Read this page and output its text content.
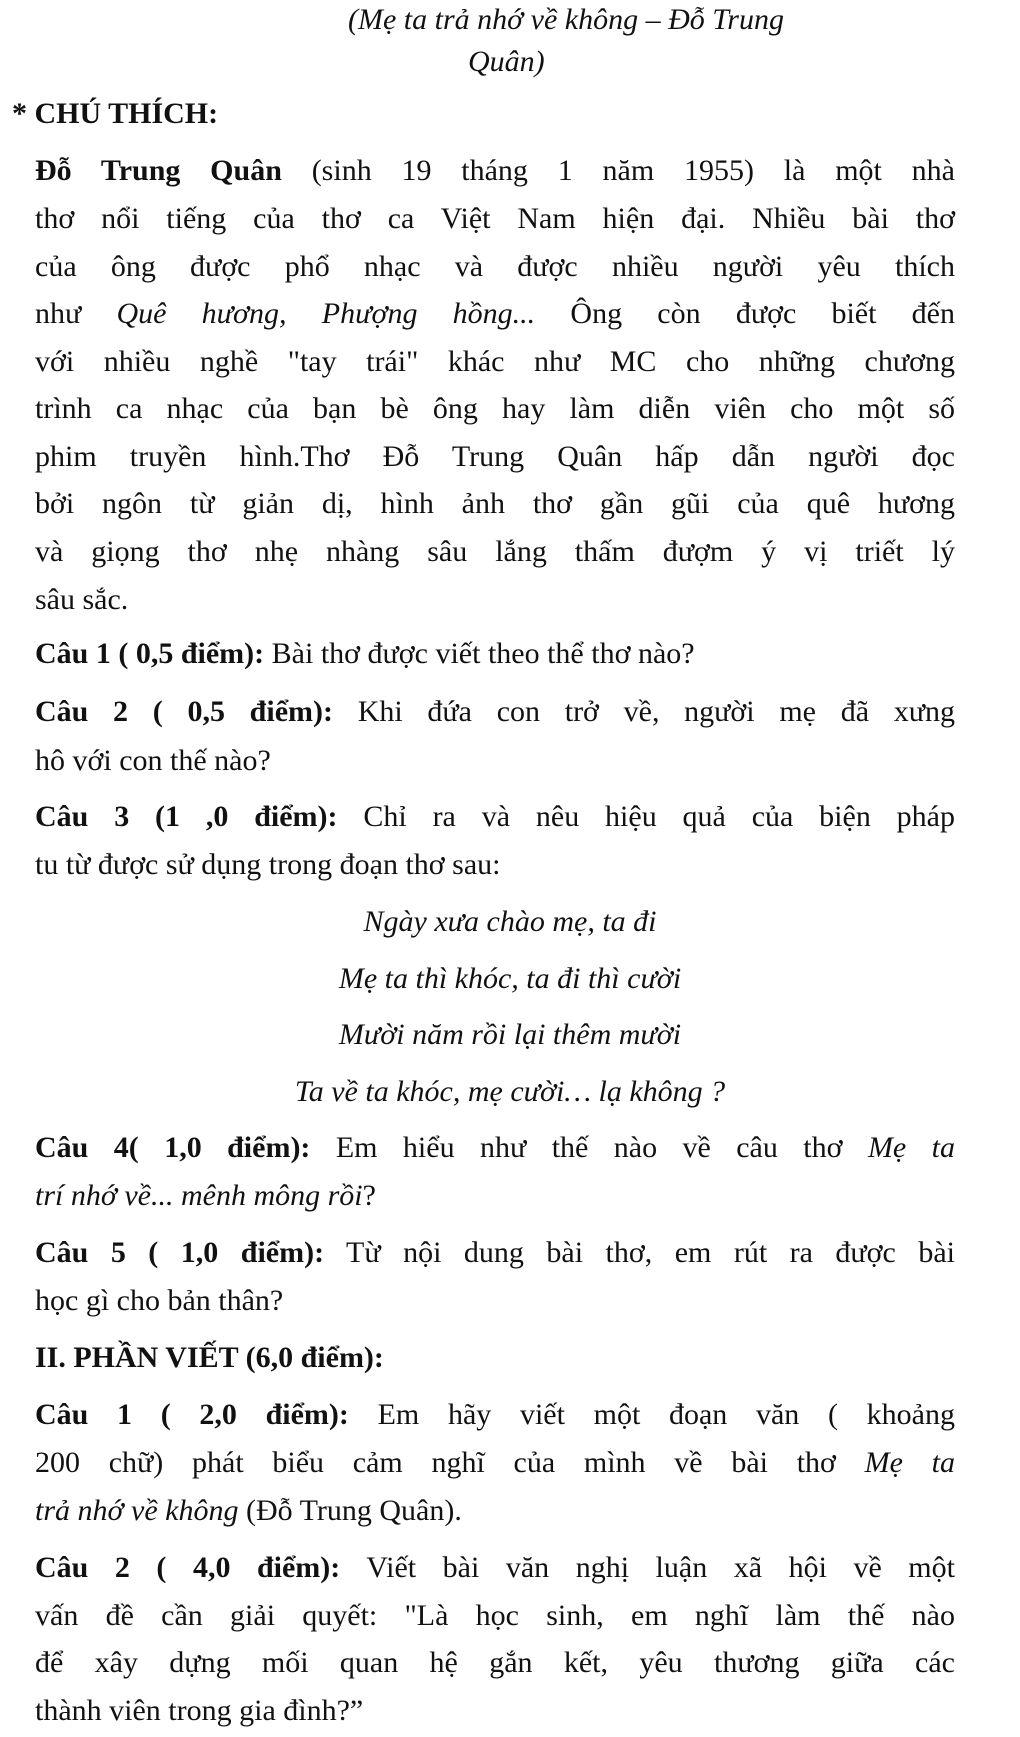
(Mẹ ta trả nhớ về không – Đỗ Trung
Quân)
* CHÚ THÍCH:
Đỗ Trung Quân (sinh 19 tháng 1 năm 1955) là một nhà
thơ nổi tiếng của thơ ca Việt Nam hiện đại. Nhiều bài thơ
của ông được phổ nhạc và được nhiều người yêu thích
như Quê hương, Phượng hồng... Ông còn được biết đến
với nhiều nghề "tay trái" khác như MC cho những chương
trình ca nhạc của bạn bè ông hay làm diễn viên cho một số
phim truyền hình.Thơ Đỗ Trung Quân hấp dẫn người đọc
bởi ngôn từ giản dị, hình ảnh thơ gần gũi của quê hương
và giọng thơ nhẹ nhàng sâu lắng thấm đượm ý vị triết lý
sâu sắc.
Câu 1 ( 0,5 điểm): Bài thơ được viết theo thể thơ nào?
Câu 2 ( 0,5 điểm): Khi đứa con trở về, người mẹ đã xưng
hô với con thế nào?
Câu 3 (1 ,0 điểm): Chỉ ra và nêu hiệu quả của biện pháp
tu từ được sử dụng trong đoạn thơ sau:
Ngày xưa chào mẹ, ta đi
Mẹ ta thì khóc, ta đi thì cười
Mười năm rồi lại thêm mười
Ta về ta khóc, mẹ cười… lạ không ?
Câu 4( 1,0 điểm): Em hiểu như thế nào về câu thơ Mẹ ta
trí nhớ về... mênh mông rồi?
Câu 5 ( 1,0 điểm): Từ nội dung bài thơ, em rút ra được bài
học gì cho bản thân?
II. PHẦN VIẾT (6,0 điểm):
Câu 1 ( 2,0 điểm): Em hãy viết một đoạn văn ( khoảng
200 chữ) phát biểu cảm nghĩ của mình về bài thơ Mẹ ta
trả nhớ về không (Đỗ Trung Quân).
Câu 2 ( 4,0 điểm): Viết bài văn nghị luận xã hội về một
vấn đề cần giải quyết: "Là học sinh, em nghĩ làm thế nào
để xây dựng mối quan hệ gắn kết, yêu thương giữa các
thành viên trong gia đình?”
